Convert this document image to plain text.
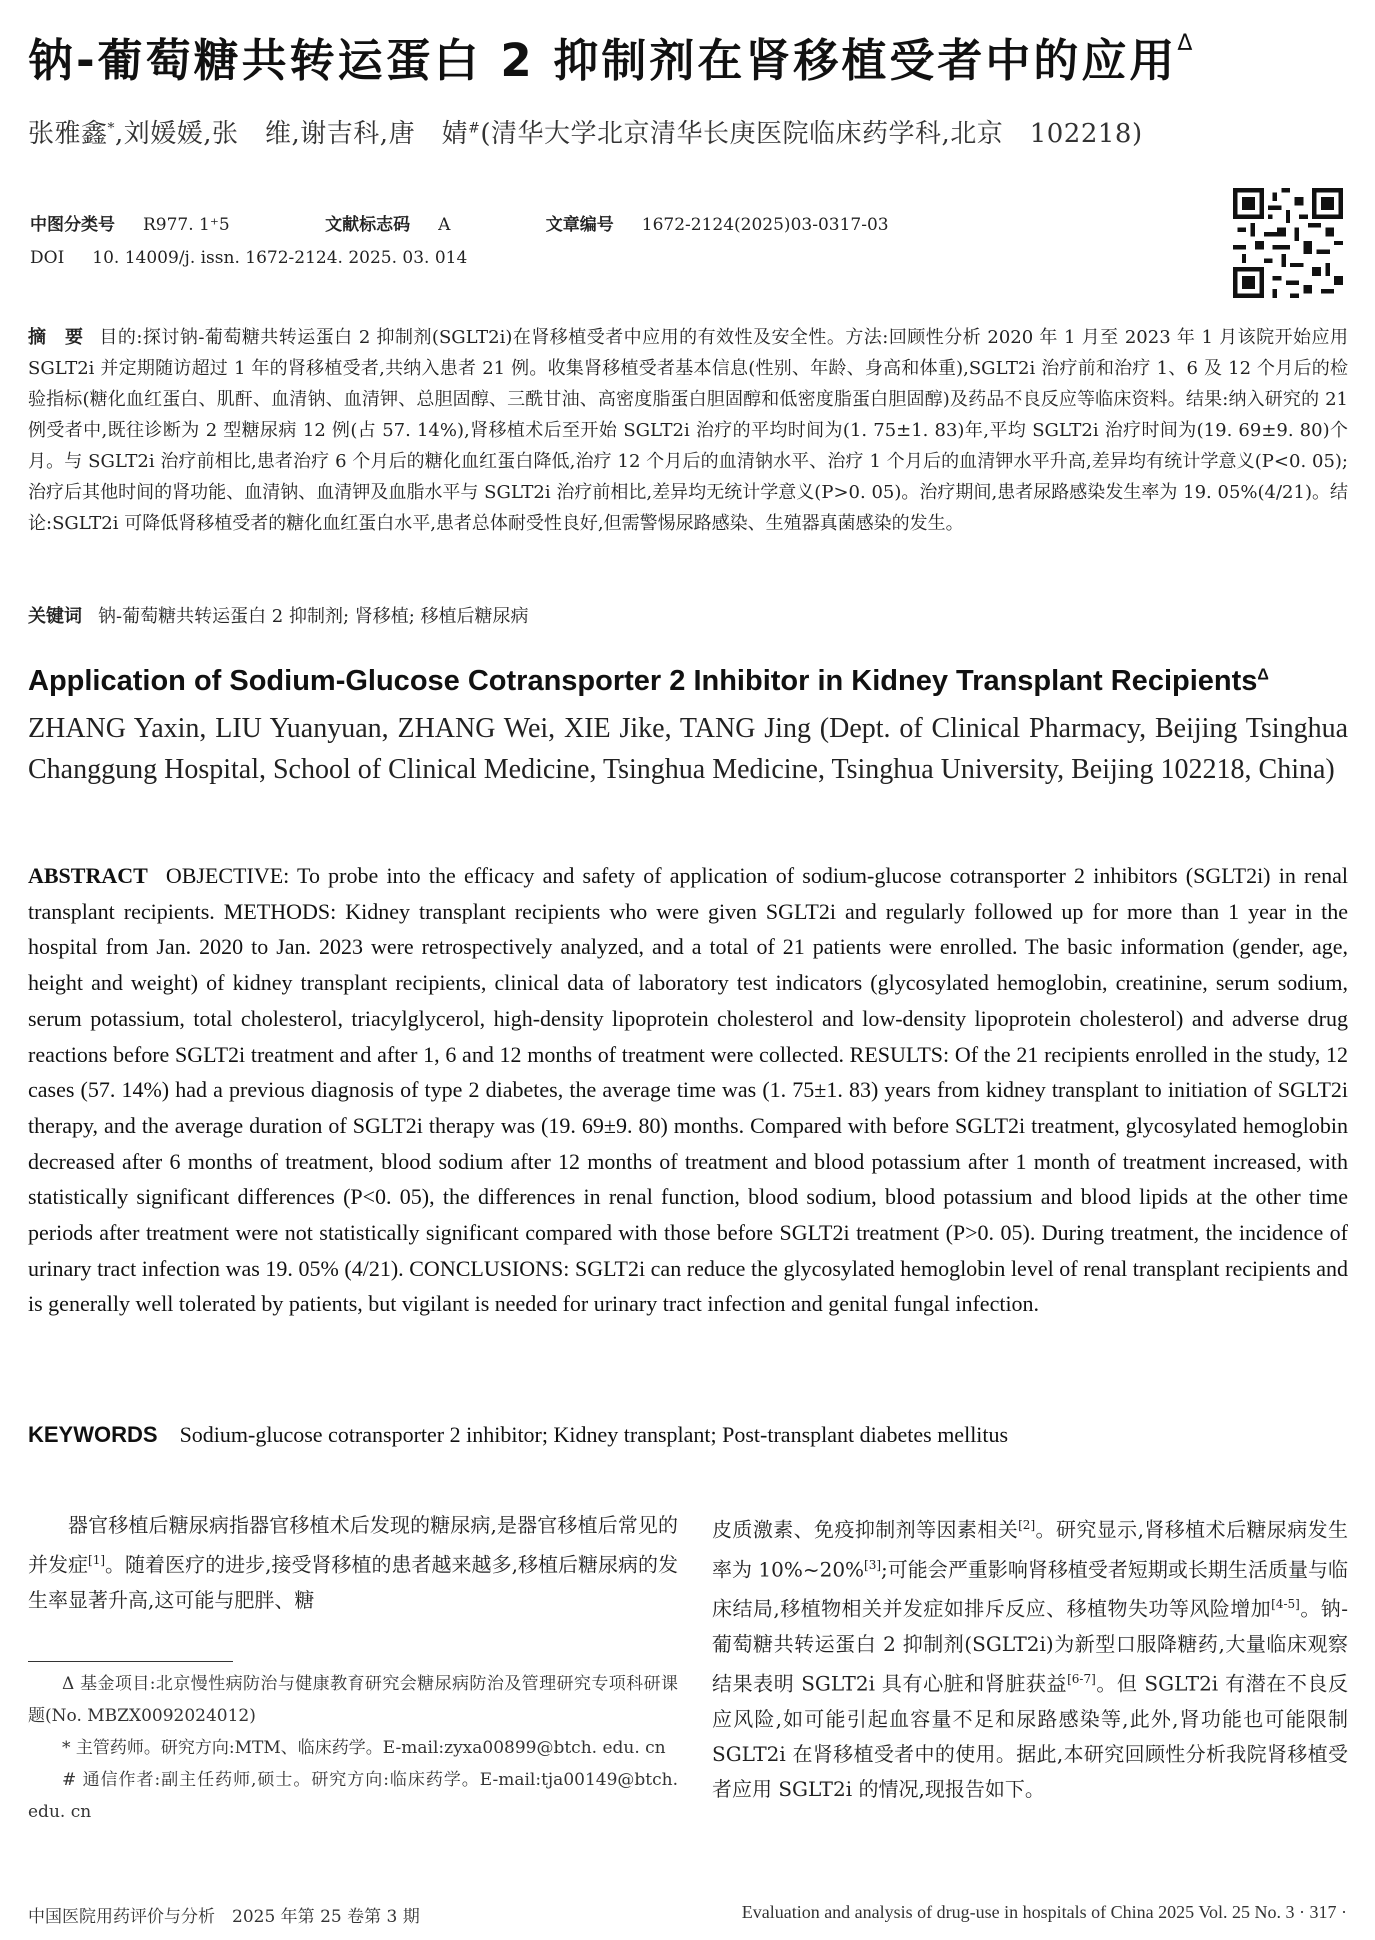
钠-葡萄糖共转运蛋白 2 抑制剂在肾移植受者中的应用$^\Delta$
张雅鑫*,刘媛媛,张　维,谢吉科,唐　婧#(清华大学北京清华长庚医院临床药学科,北京　102218)
中图分类号 R977. 1⁺5	文献标志码 A	文章编号 1672-2124(2025)03-0317-03
DOI 10. 14009/j. issn. 1672-2124. 2025. 03. 014
摘　要 目的:探讨钠-葡萄糖共转运蛋白 2 抑制剂(SGLT2i)在肾移植受者中应用的有效性及安全性。方法:回顾性分析 2020 年 1 月至 2023 年 1 月该院开始应用 SGLT2i 并定期随访超过 1 年的肾移植受者,共纳入患者 21 例。收集肾移植受者基本信息(性别、年龄、身高和体重),SGLT2i 治疗前和治疗 1、6 及 12 个月后的检验指标(糖化血红蛋白、肌酐、血清钠、血清钾、总胆固醇、三酰甘油、高密度脂蛋白胆固醇和低密度脂蛋白胆固醇)及药品不良反应等临床资料。结果:纳入研究的 21 例受者中,既往诊断为 2 型糖尿病 12 例(占 57. 14%),肾移植术后至开始 SGLT2i 治疗的平均时间为(1. 75±1. 83)年,平均 SGLT2i 治疗时间为(19. 69±9. 80)个月。与 SGLT2i 治疗前相比,患者治疗 6 个月后的糖化血红蛋白降低,治疗 12 个月后的血清钠水平、治疗 1 个月后的血清钾水平升高,差异均有统计学意义(P<0. 05);治疗后其他时间的肾功能、血清钠、血清钾及血脂水平与 SGLT2i 治疗前相比,差异均无统计学意义(P>0. 05)。治疗期间,患者尿路感染发生率为 19. 05%(4/21)。结论:SGLT2i 可降低肾移植受者的糖化血红蛋白水平,患者总体耐受性良好,但需警惕尿路感染、生殖器真菌感染的发生。
关键词 钠-葡萄糖共转运蛋白 2 抑制剂; 肾移植; 移植后糖尿病
Application of Sodium-Glucose Cotransporter 2 Inhibitor in Kidney Transplant Recipients$^\Delta$
ZHANG Yaxin, LIU Yuanyuan, ZHANG Wei, XIE Jike, TANG Jing (Dept. of Clinical Pharmacy, Beijing Tsinghua Changgung Hospital, School of Clinical Medicine, Tsinghua Medicine, Tsinghua University, Beijing 102218, China)
ABSTRACT OBJECTIVE: To probe into the efficacy and safety of application of sodium-glucose cotransporter 2 inhibitors (SGLT2i) in renal transplant recipients. METHODS: Kidney transplant recipients who were given SGLT2i and regularly followed up for more than 1 year in the hospital from Jan. 2020 to Jan. 2023 were retrospectively analyzed, and a total of 21 patients were enrolled. The basic information (gender, age, height and weight) of kidney transplant recipients, clinical data of laboratory test indicators (glycosylated hemoglobin, creatinine, serum sodium, serum potassium, total cholesterol, triacylglycerol, high-density lipoprotein cholesterol and low-density lipoprotein cholesterol) and adverse drug reactions before SGLT2i treatment and after 1, 6 and 12 months of treatment were collected. RESULTS: Of the 21 recipients enrolled in the study, 12 cases (57. 14%) had a previous diagnosis of type 2 diabetes, the average time was (1. 75±1. 83) years from kidney transplant to initiation of SGLT2i therapy, and the average duration of SGLT2i therapy was (19. 69±9. 80) months. Compared with before SGLT2i treatment, glycosylated hemoglobin decreased after 6 months of treatment, blood sodium after 12 months of treatment and blood potassium after 1 month of treatment increased, with statistically significant differences (P<0. 05), the differences in renal function, blood sodium, blood potassium and blood lipids at the other time periods after treatment were not statistically significant compared with those before SGLT2i treatment (P>0. 05). During treatment, the incidence of urinary tract infection was 19. 05% (4/21). CONCLUSIONS: SGLT2i can reduce the glycosylated hemoglobin level of renal transplant recipients and is generally well tolerated by patients, but vigilant is needed for urinary tract infection and genital fungal infection.
KEYWORDS Sodium-glucose cotransporter 2 inhibitor; Kidney transplant; Post-transplant diabetes mellitus

器官移植后糖尿病指器官移植术后发现的糖尿病,是器官移植后常见的并发症[1]。随着医疗的进步,接受肾移植的患者越来越多,移植后糖尿病的发生率显著升高,这可能与肥胖、糖

Δ 基金项目:北京慢性病防治与健康教育研究会糖尿病防治及管理研究专项科研课题(No. MBZX0092024012)

* 主管药师。研究方向:MTM、临床药学。E-mail:zyxa00899@btch. edu. cn

# 通信作者:副主任药师,硕士。研究方向:临床药学。E-mail:tja00149@btch. edu. cn

皮质激素、免疫抑制剂等因素相关[2]。研究显示,肾移植术后糖尿病发生率为 10%~20%[3];可能会严重影响肾移植受者短期或长期生活质量与临床结局,移植物相关并发症如排斥反应、移植物失功等风险增加[4-5]。钠-葡萄糖共转运蛋白 2 抑制剂(SGLT2i)为新型口服降糖药,大量临床观察结果表明 SGLT2i 具有心脏和肾脏获益[6-7]。但 SGLT2i 有潜在不良反应风险,如可能引起血容量不足和尿路感染等,此外,肾功能也可能限制 SGLT2i 在肾移植受者中的使用。据此,本研究回顾性分析我院肾移植受者应用 SGLT2i 的情况,现报告如下。

中国医院用药评价与分析　2025 年第 25 卷第 3 期	Evaluation and analysis of drug-use in hospitals of China 2025 Vol. 25 No. 3 · 317 ·
